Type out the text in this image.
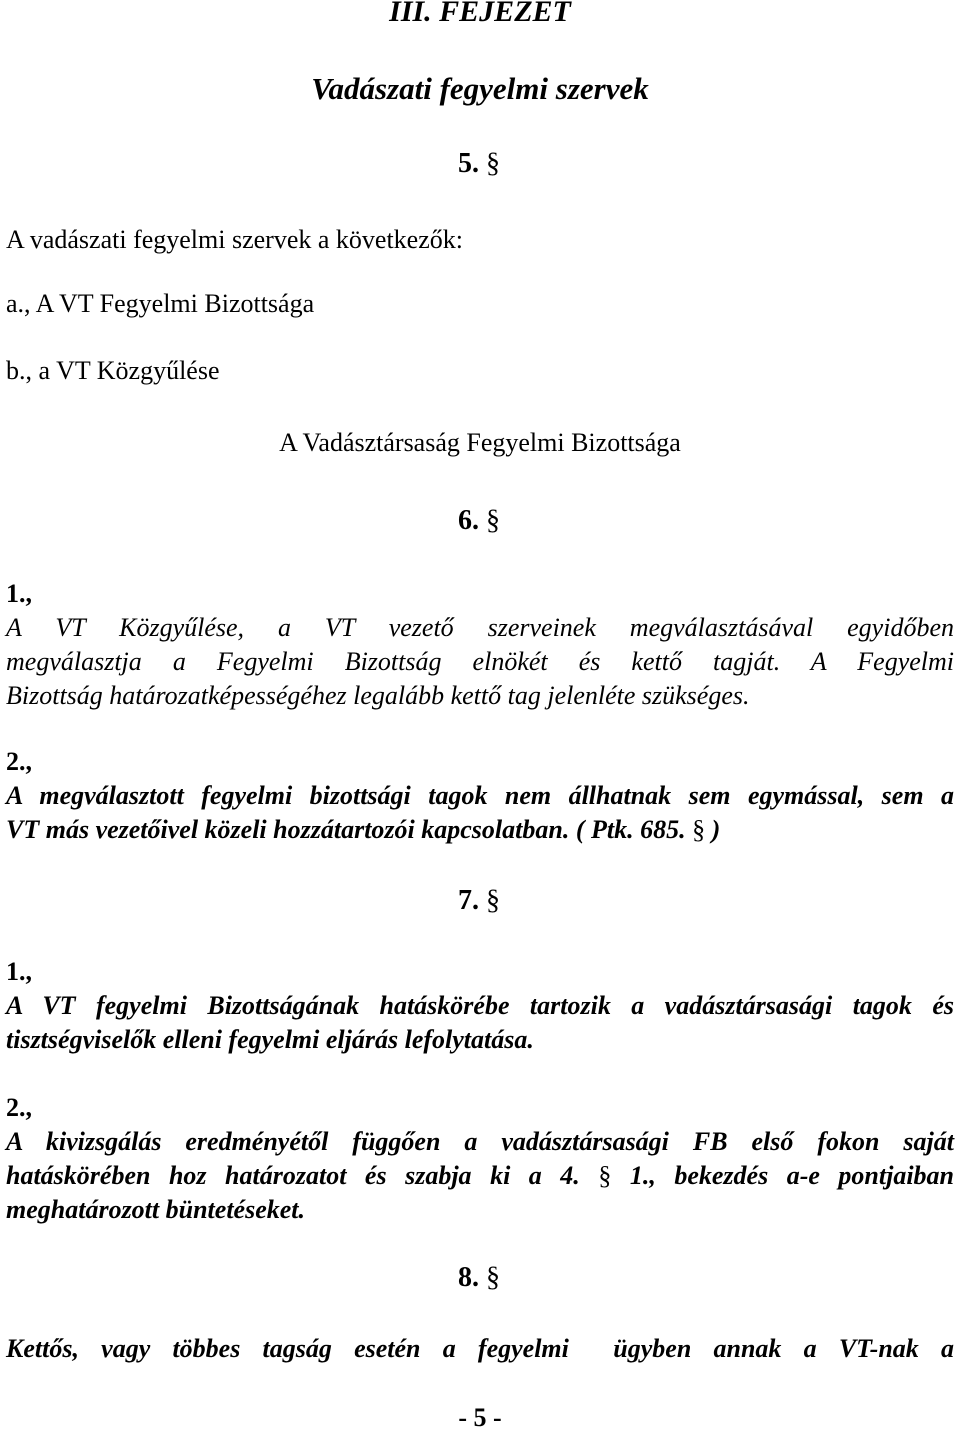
III. FEJEZET
Vadászati fegyelmi szervek
5. §
A vadászati fegyelmi szervek a következők:
a., A VT Fegyelmi Bizottsága
b., a VT Közgyűlése
A Vadásztársaság Fegyelmi Bizottsága
6. §
1.,
A VT Közgyűlése, a VT vezető szerveinek megválasztásával egyidőben
megválasztja a Fegyelmi Bizottság elnökét és kettő tagját. A Fegyelmi
Bizottság határozatképességéhez legalább kettő tag jelenléte szükséges.
2.,
A megválasztott fegyelmi bizottsági tagok nem állhatnak sem egymással, sem a
VT más vezetőivel közeli hozzátartozói kapcsolatban. ( Ptk. 685. § )
7. §
1.,
A VT fegyelmi Bizottságának hatáskörébe tartozik a vadásztársasági tagok és
tisztségviselők elleni fegyelmi eljárás lefolytatása.
2.,
A kivizsgálás eredményétől függően a vadásztársasági FB első fokon saját
hatáskörében hoz határozatot és szabja ki a 4. § 1., bekezdés a-e pontjaiban
meghatározott büntetéseket.
8. §
Kettős, vagy többes tagság esetén a fegyelmi  ügyben annak a VT-nak a
- 5 -
